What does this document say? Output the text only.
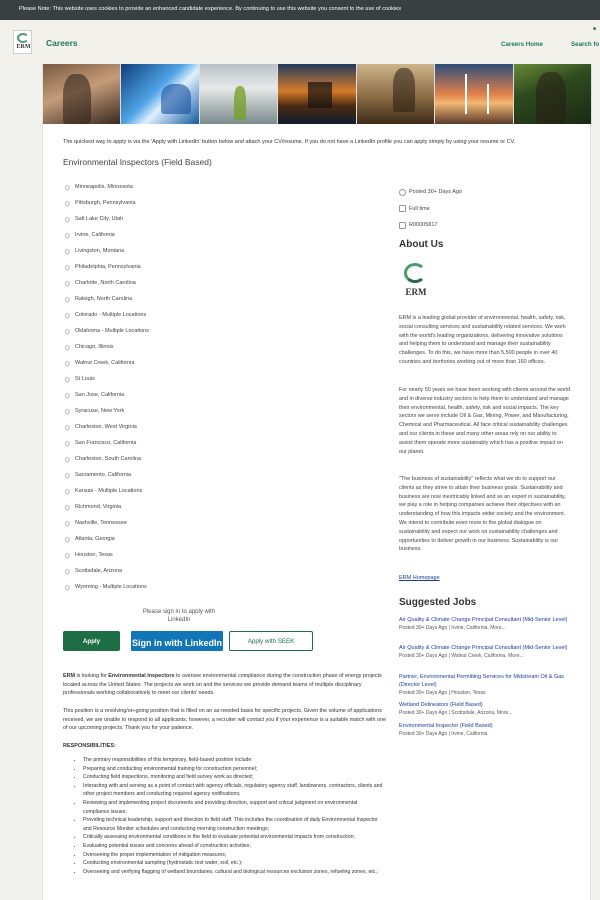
Please Note: This website uses cookies to provide an enhanced candidate experience. By continuing to use this website you consent to the use of cookies
ERM Careers	Careers Home	Search fo
☻
The quickest way to apply is via the 'Apply with LinkedIn' button below and attach your CV/resume. If you do not have a LinkedIn profile you can apply simply by using your resume or CV.
Environmental Inspectors (Field Based)
Minneapolis, Minnesota
Pittsburgh, Pennsylvania
Salt Lake City, Utah
Irvine, California
Livingston, Montana
Philadelphia, Pennsylvania
Charlotte, North Carolina
Raleigh, North Carolina
Colorado - Multiple Locations
Oklahoma - Multiple Locations
Chicago, Illinois
Walnut Creek, California
St Louis
San Jose, California
Syracuse, New York
Charleston, West Virginia
San Francisco, California
Charleston, South Carolina
Sacramento, California
Kansas - Multiple Locations
Richmond, Virginia
Nashville, Tennessee
Atlanta, Georgia
Houston, Texas
Scottsdale, Arizona
Wyoming - Multiple Locations
Posted 30+ Days Ago
Full time
R00005817
About Us
ERM
ERM is a leading global provider of environmental, health, safety, risk, social consulting services and sustainability related services. We work with the world's leading organizations, delivering innovative solutions and helping them to understand and manage their sustainability challenges. To do this, we have more than 5,500 people in over 40 countries and territories working out of more than 160 offices.
For nearly 50 years we have been working with clients around the world and in diverse industry sectors to help them to understand and manage their environmental, health, safety, risk and social impacts. The key sectors we serve include Oil & Gas, Mining, Power, and Manufacturing, Chemical and Pharmaceutical. All face critical sustainability challenges and our clients in these and many other areas rely on our ability to assist them operate more sustainably which has a positive impact on our planet.
"The business of sustainability" reflects what we do to support our clients as they strive to attain their business goals. Sustainability and business are now inextricably linked and as an expert in sustainability, we play a role in helping companies achieve their objectives with an understanding of how this impacts wider society and the environment. We intend to contribute even more to the global dialogue on sustainability and expect our work on sustainability challenges and opportunities to deliver growth in our business. Sustainability is our business.
ERM Homepage
Suggested Jobs
Air Quality & Climate Change Principal Consultant (Mid-Senior Level)
Posted 30+ Days Ago | Irvine, California, More...
Air Quality & Climate Change Principal Consultant (Mid-Senior Level)
Posted 30+ Days Ago | Walnut Creek, California, More...
Partner, Environmental Permitting Services for Midstream Oil & Gas (Director Level)
Posted 30+ Days Ago | Houston, Texas
Wetland Delineators (Field Based)
Posted 30+ Days Ago | Scottsdale, Arizona, More...
Environmental Inspector (Field Based)
Posted 30+ Days Ago | Irvine, California
Please sign in to apply with LinkedIn
Apply	Sign in with LinkedIn	Apply with SEEK
ERM is looking for Environmental Inspectors to oversee environmental compliance during the construction phase of energy projects located across the United States. The projects we work on and the services we provide demand teams of multiple disciplinary professionals working collaboratively to meet our clients' needs.
This position is a revolving/on-going position that is filled on an as-needed basis for specific projects. Given the volume of applications received, we are unable to respond to all applicants, however, a recruiter will contact you if your experience is a suitable match with one of our upcoming projects. Thank you for your patience.
RESPONSIBILITIES:
• The primary responsibilities of this temporary, field-based position include:
• Preparing and conducting environmental training for construction personnel;
• Conducting field inspections, monitoring and field survey work as directed;
• Interacting with and serving as a point of contact with agency officials, regulatory agency staff, landowners, contractors, clients and other project members and conducting required agency notifications;
• Reviewing and implementing project documents and providing direction, support and critical judgment on environmental compliance issues;
• Providing technical leadership, support and direction to field staff. This includes the coordination of daily Environmental Inspector and Resource Monitor schedules and conducting morning construction meetings;
• Critically assessing environmental conditions in the field to evaluate potential environmental impacts from construction;
• Evaluating potential issues and concerns ahead of construction activities;
• Overseeing the proper implementation of mitigation measures;
• Conducting environmental sampling (hydrostatic test water, soil, etc.);
• Overseeing and verifying flagging of wetland boundaries, cultural and biological resources exclusion zones, refueling zones, etc.;
